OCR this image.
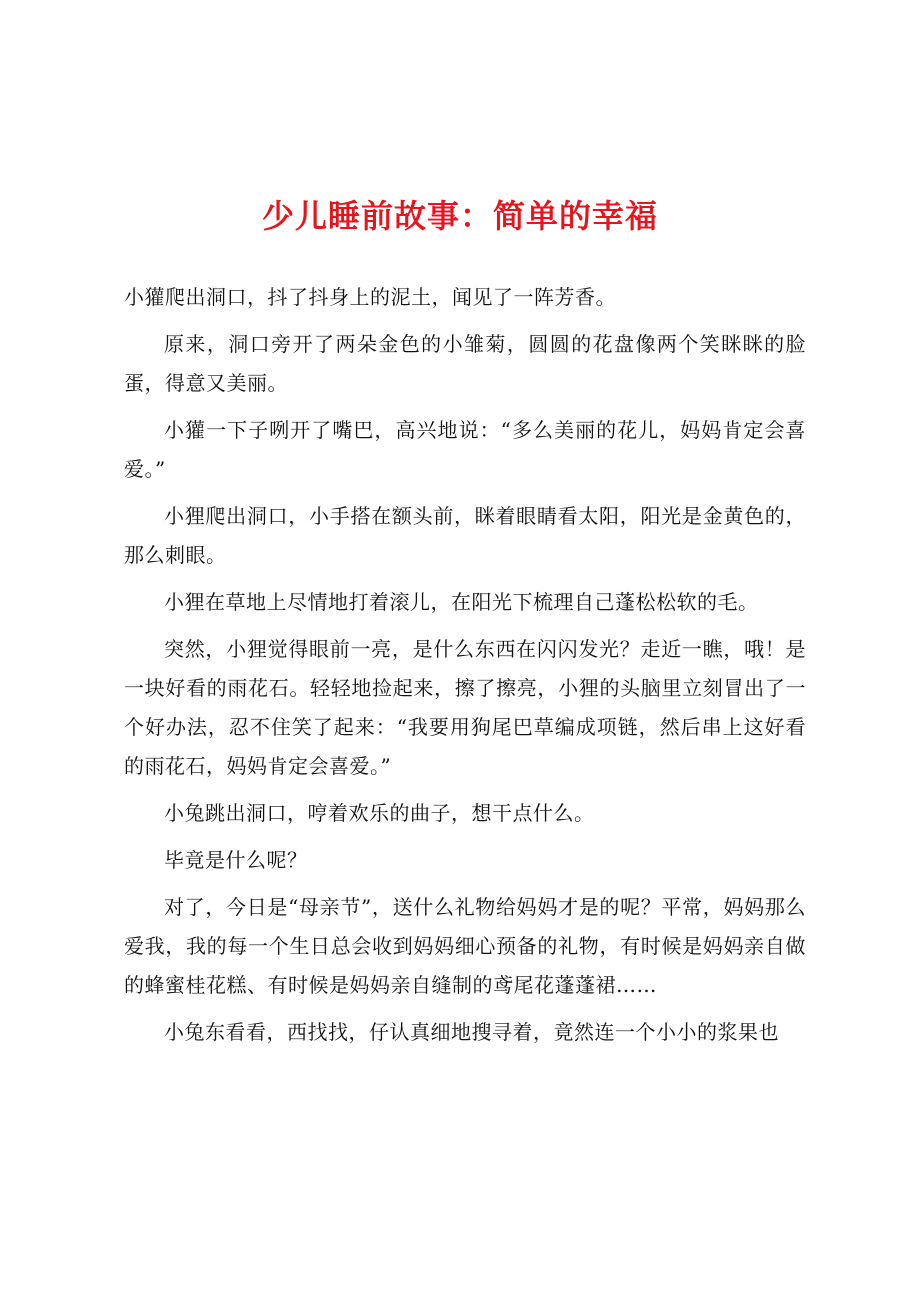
少儿睡前故事：简单的幸福

小獾爬出洞口，抖了抖身上的泥土，闻见了一阵芳香。

原来，洞口旁开了两朵金色的小雏菊，圆圆的花盘像两个笑眯眯的脸蛋，得意又美丽。

小獾一下子咧开了嘴巴，高兴地说：“多么美丽的花儿，妈妈肯定会喜爱。”

小狸爬出洞口，小手搭在额头前，眯着眼睛看太阳，阳光是金黄色的，那么刺眼。

小狸在草地上尽情地打着滚儿，在阳光下梳理自己蓬松松软的毛。

突然，小狸觉得眼前一亮，是什么东西在闪闪发光？走近一瞧，哦！是一块好看的雨花石。轻轻地捡起来，擦了擦亮，小狸的头脑里立刻冒出了一个好办法，忍不住笑了起来：“我要用狗尾巴草编成项链，然后串上这好看的雨花石，妈妈肯定会喜爱。”

小兔跳出洞口，哼着欢乐的曲子，想干点什么。

毕竟是什么呢？

对了，今日是“母亲节”，送什么礼物给妈妈才是的呢？平常，妈妈那么爱我，我的每一个生日总会收到妈妈细心预备的礼物，有时候是妈妈亲自做的蜂蜜桂花糕、有时候是妈妈亲自缝制的鸢尾花蓬蓬裙……

小兔东看看，西找找，仔认真细地搜寻着，竟然连一个小小的浆果也
